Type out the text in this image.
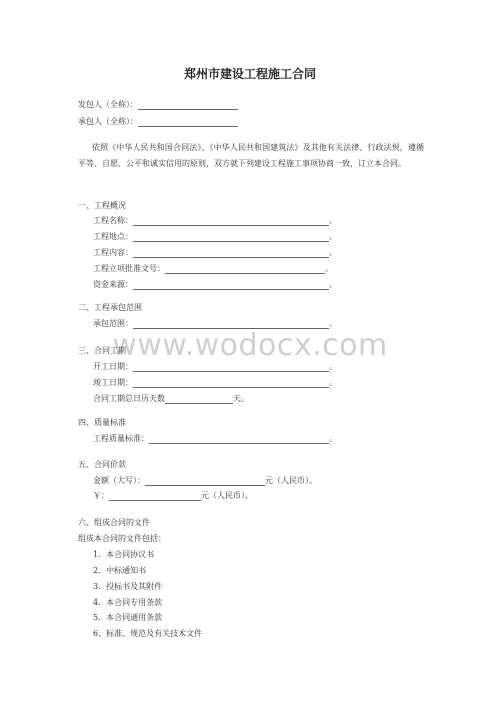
郑州市建设工程施工合同
发包人（全称）：
承包人（全称）：
依照《中华人民共和国合同法》、《中华人民共和国建筑法》及其他有关法律、行政法规，遵循平等、自愿、公平和诚实信用的原则，双方就下列建设工程施工事项协商一致，订立本合同。
一、工程概况
工程名称：	。
工程地点：	。
工程内容：	。
工程立项批准文号：	。
资金来源：	。
二、工程承包范围
承包范围：	。
www.wodocx.com
三、合同工期
开工日期：	。
竣工日期：	。
合同工期总日历天数	天。
四、质量标准
工程质量标准：	。
五、合同价款
金额（大写）：	元（人民币）。
￥：	元（人民币）。
六、组成合同的文件
组成本合同的文件包括：
1．本合同协议书
2．中标通知书
3．投标书及其附件
4．本合同专用条款
5．本合同通用条款
6、标准、规范及有关技术文件
